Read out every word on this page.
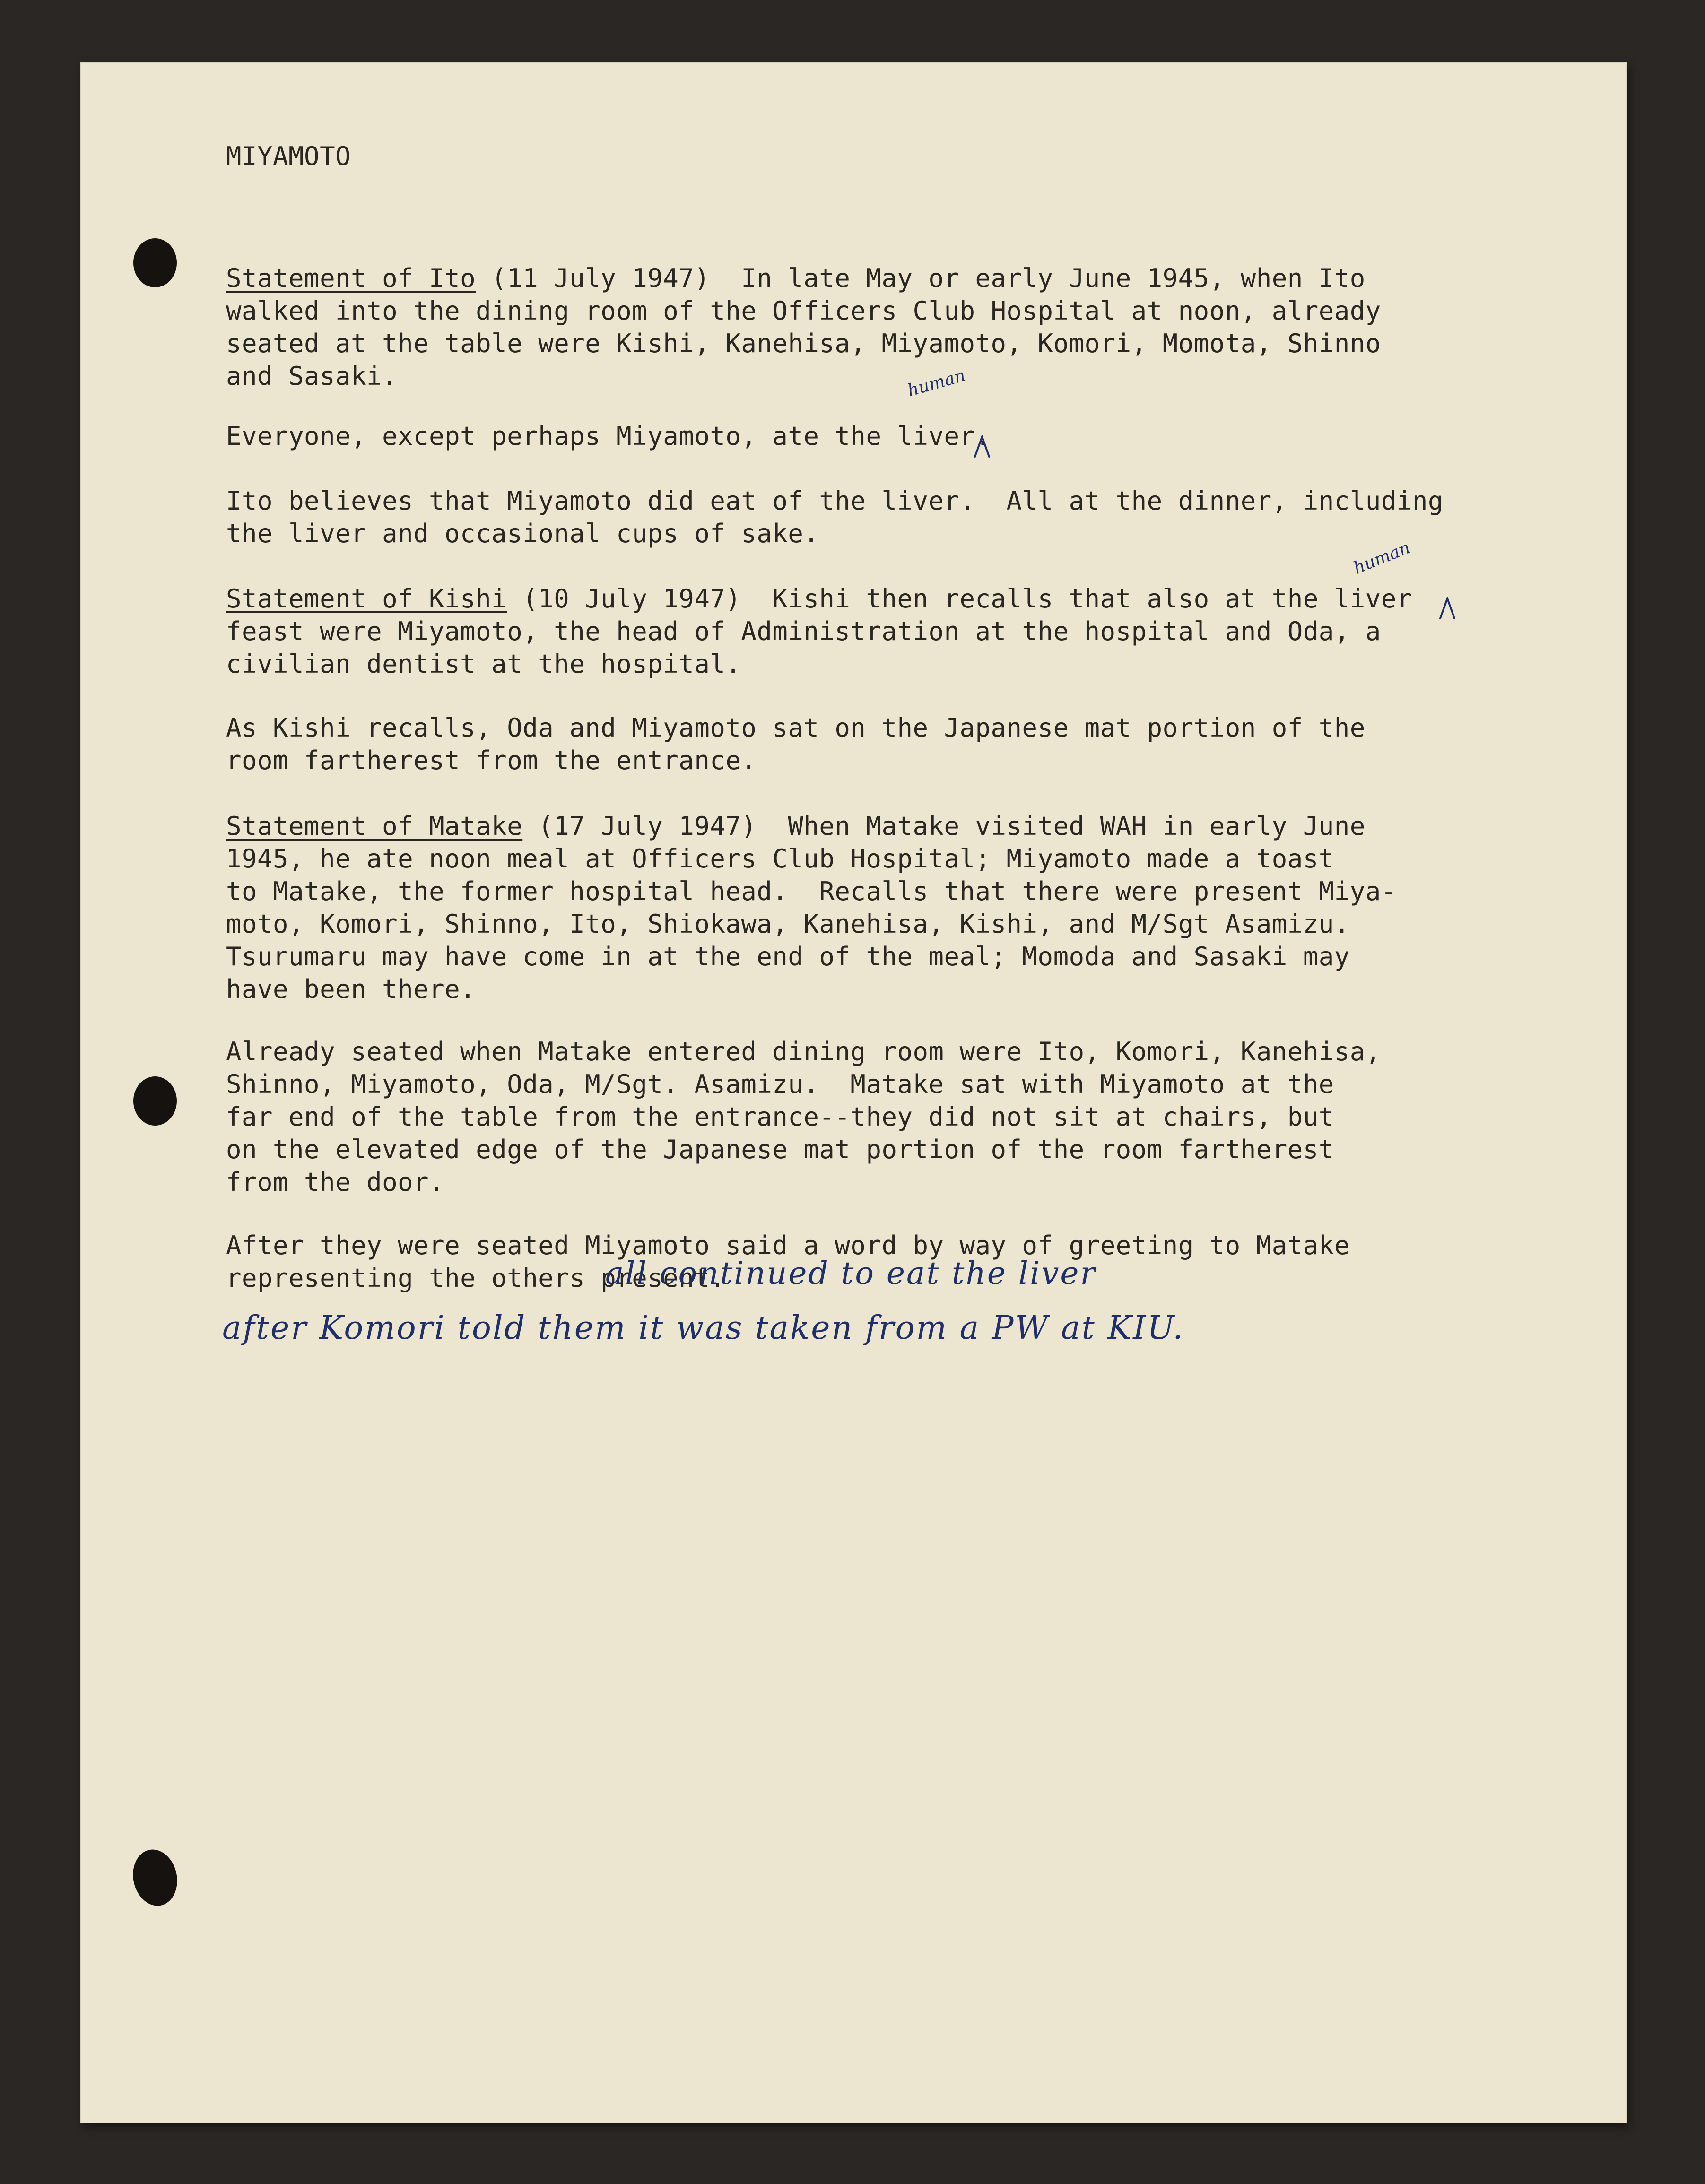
MIYAMOTO
Statement of Ito (11 July 1947)  In late May or early June 1945, when Ito
walked into the dining room of the Officers Club Hospital at noon, already
seated at the table were Kishi, Kanehisa, Miyamoto, Komori, Momota, Shinno
and Sasaki.
Everyone, except perhaps Miyamoto, ate the liver.
Ito believes that Miyamoto did eat of the liver.  All at the dinner, including
the liver and occasional cups of sake.
Statement of Kishi (10 July 1947)  Kishi then recalls that also at the liver
feast were Miyamoto, the head of Administration at the hospital and Oda, a
civilian dentist at the hospital.
As Kishi recalls, Oda and Miyamoto sat on the Japanese mat portion of the
room fartherest from the entrance.
Statement of Matake (17 July 1947)  When Matake visited WAH in early June
1945, he ate noon meal at Officers Club Hospital; Miyamoto made a toast
to Matake, the former hospital head.  Recalls that there were present Miya-
moto, Komori, Shinno, Ito, Shiokawa, Kanehisa, Kishi, and M/Sgt Asamizu.
Tsurumaru may have come in at the end of the meal; Momoda and Sasaki may
have been there.
Already seated when Matake entered dining room were Ito, Komori, Kanehisa,
Shinno, Miyamoto, Oda, M/Sgt. Asamizu.  Matake sat with Miyamoto at the
far end of the table from the entrance--they did not sit at chairs, but
on the elevated edge of the Japanese mat portion of the room fartherest
from the door.
After they were seated Miyamoto said a word by way of greeting to Matake
representing the others present.
all continued to eat the liver
after Komori told them it was taken from a PW at KIU.
human
human
